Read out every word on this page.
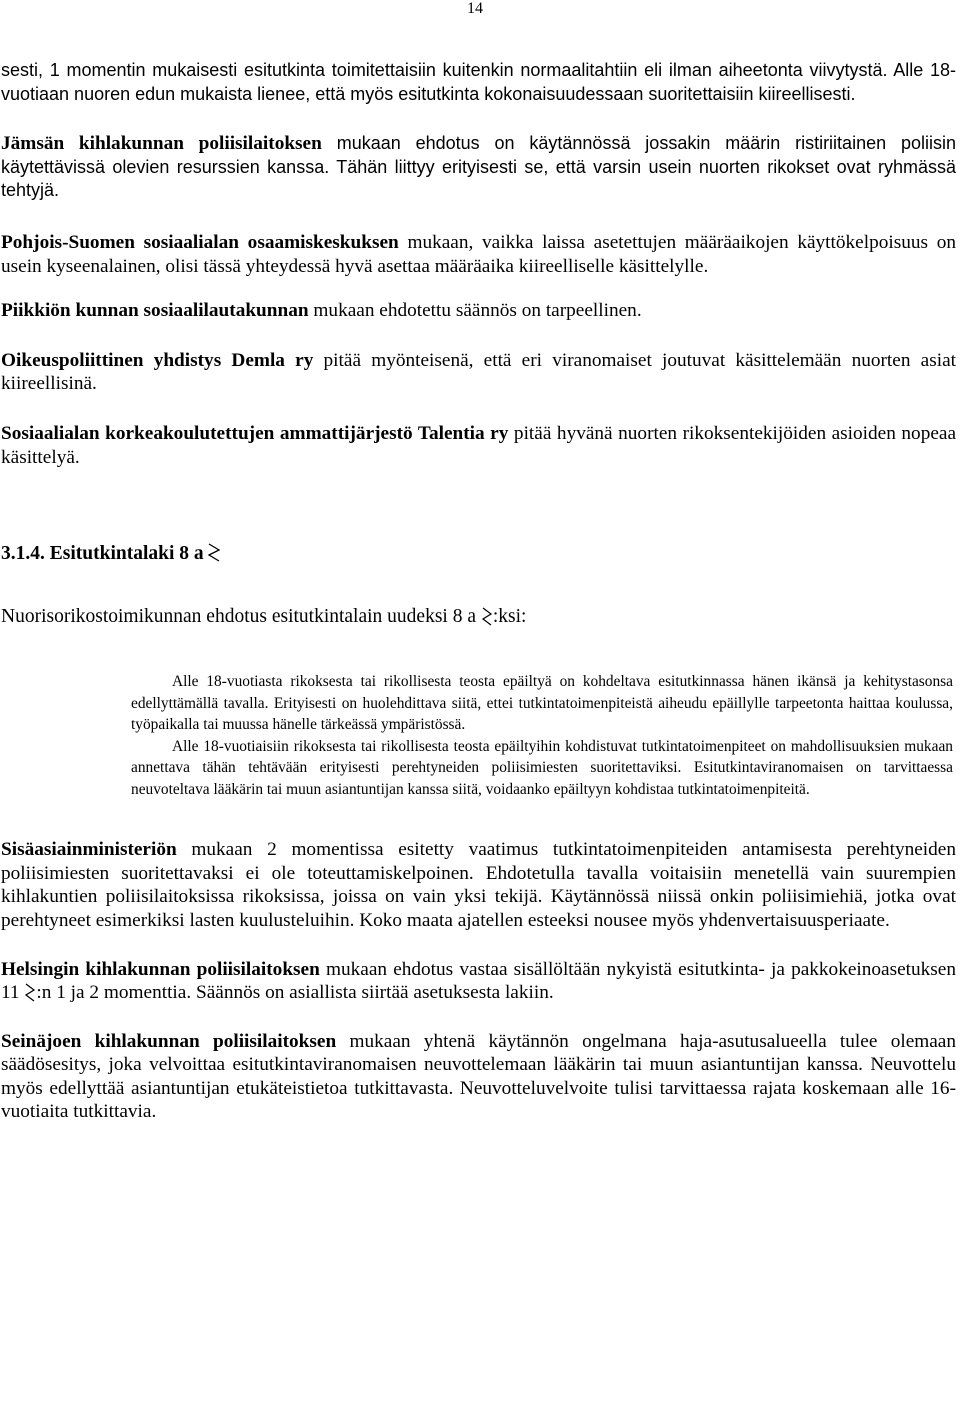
14

sesti, 1 momentin mukaisesti esitutkinta toimitettaisiin kuitenkin normaalitahtiin eli ilman aiheetonta viivytystä. Alle 18-vuotiaan nuoren edun mukaista lienee, että myös esitutkinta kokonaisuudessaan suoritettaisiin kiireellisesti.

Jämsän kihlakunnan poliisilaitoksen mukaan ehdotus on käytännössä jossakin määrin ristiriitainen poliisin käytettävissä olevien resurssien kanssa. Tähän liittyy erityisesti se, että varsin usein nuorten rikokset ovat ryhmässä tehtyjä.

Pohjois-Suomen sosiaalialan osaamiskeskuksen mukaan, vaikka laissa asetettujen määräaikojen käyttökelpoisuus on usein kyseenalainen, olisi tässä yhteydessä hyvä asettaa määräaika kiireelliselle käsittelylle.

Piikkiön kunnan sosiaalilautakunnan mukaan ehdotettu säännös on tarpeellinen.

Oikeuspoliittinen yhdistys Demla ry pitää myönteisenä, että eri viranomaiset joutuvat käsittelemään nuorten asiat kiireellisinä.

Sosiaalialan korkeakoulutettujen ammattijärjestö Talentia ry pitää hyvänä nuorten rikoksentekijöiden asioiden nopeaa käsittelyä.

3.1.4. Esitutkintalaki 8 a

Nuorisorikostoimikunnan ehdotus esitutkintalain uudeksi 8 a :ksi:

Alle 18-vuotiasta rikoksesta tai rikollisesta teosta epäiltyä on kohdeltava esitutkinnassa hänen ikänsä ja kehitystasonsa edellyttämällä tavalla. Erityisesti on huolehdittava siitä, ettei tutkintatoimenpiteistä aiheudu epäillylle tarpeetonta haittaa koulussa, työpaikalla tai muussa hänelle tärkeässä ympäristössä.

Alle 18-vuotiaisiin rikoksesta tai rikollisesta teosta epäiltyihin kohdistuvat tutkintatoimenpiteet on mahdollisuuksien mukaan annettava tähän tehtävään erityisesti perehtyneiden poliisimiesten suoritettaviksi. Esitutkintaviranomaisen on tarvittaessa neuvoteltava lääkärin tai muun asiantuntijan kanssa siitä, voidaanko epäiltyyn kohdistaa tutkintatoimenpiteitä.

Sisäasiainministeriön mukaan 2 momentissa esitetty vaatimus tutkintatoimenpiteiden antamisesta perehtyneiden poliisimiesten suoritettavaksi ei ole toteuttamiskelpoinen. Ehdotetulla tavalla voitaisiin menetellä vain suurempien kihlakuntien poliisilaitoksissa rikoksissa, joissa on vain yksi tekijä. Käytännössä niissä onkin poliisimiehiä, jotka ovat perehtyneet esimerkiksi lasten kuulusteluihin. Koko maata ajatellen esteeksi nousee myös yhdenvertaisuusperiaate.

Helsingin kihlakunnan poliisilaitoksen mukaan ehdotus vastaa sisällöltään nykyistä esitutkinta- ja pakkokeinoasetuksen 11 :n 1 ja 2 momenttia. Säännös on asiallista siirtää asetuksesta lakiin.

Seinäjoen kihlakunnan poliisilaitoksen mukaan yhtenä käytännön ongelmana haja-asutusalueella tulee olemaan säädösesitys, joka velvoittaa esitutkintaviranomaisen neuvottelemaan lääkärin tai muun asiantuntijan kanssa. Neuvottelu myös edellyttää asiantuntijan etukäteistietoa tutkittavasta. Neuvotteluvelvoite tulisi tarvittaessa rajata koskemaan alle 16-vuotiaita tutkittavia.
